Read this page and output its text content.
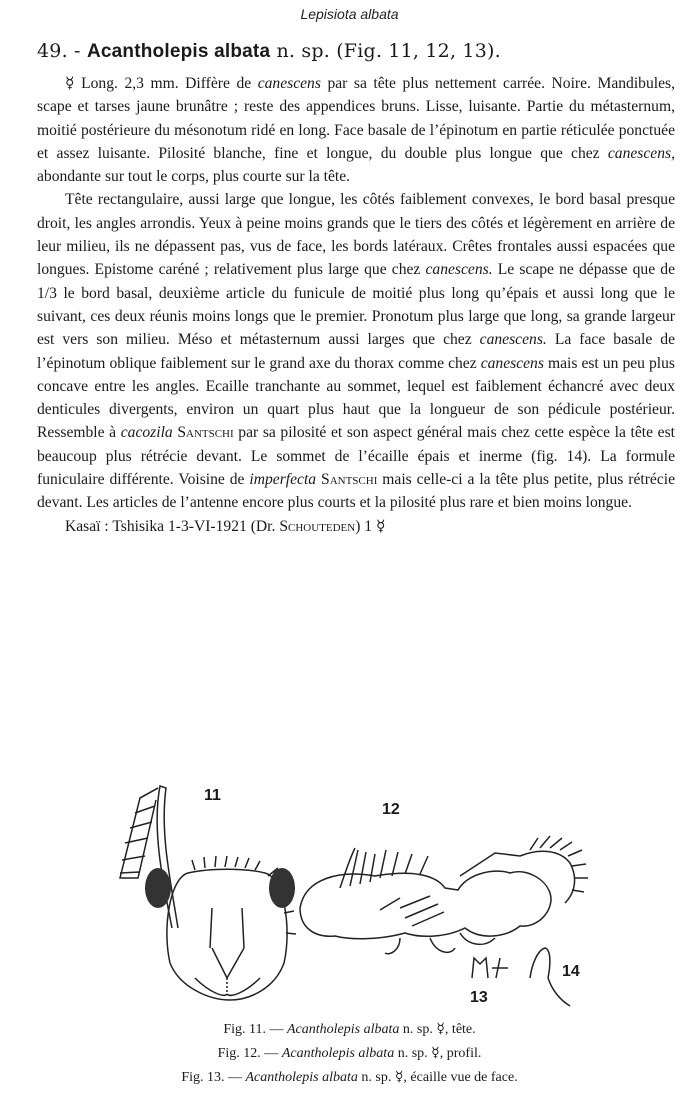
Lepisiota albata
49. - Acantholepis albata n. sp. (Fig. 11, 12, 13).

☿ Long. 2,3 mm. Diffère de canescens par sa tête plus nettement carrée. Noire. Mandibules, scape et tarses jaune brunâtre ; reste des appendices bruns. Lisse, luisante. Partie du métasternum, moitié postérieure du mésonotum ridé en long. Face basale de l’épinotum en partie réticulée ponctuée et assez luisante. Pilosité blanche, fine et longue, du double plus longue que chez canescens, abondante sur tout le corps, plus courte sur la tête.

Tête rectangulaire, aussi large que longue, les côtés faiblement convexes, le bord basal presque droit, les angles arrondis. Yeux à peine moins grands que le tiers des côtés et légèrement en arrière de leur milieu, ils ne dépassent pas, vus de face, les bords latéraux. Crêtes frontales aussi espacées que longues. Epistome caréné ; relativement plus large que chez canescens. Le scape ne dépasse que de 1/3 le bord basal, deuxième article du funicule de moitié plus long qu’épais et aussi long que le suivant, ces deux réunis moins longs que le premier. Pronotum plus large que long, sa grande largeur est vers son milieu. Méso et métasternum aussi larges que chez canescens. La face basale de l’épinotum oblique faiblement sur le grand axe du thorax comme chez canescens mais est un peu plus concave entre les angles. Ecaille tranchante au sommet, lequel est faiblement échancré avec deux denticules divergents, environ un quart plus haut que la longueur de son pédicule postérieur. Ressemble à cacozila Santschi par sa pilosité et son aspect général mais chez cette espèce la tête est beaucoup plus rétrécie devant. Le sommet de l’écaille épais et inerme (fig. 14). La formule funiculaire différente. Voisine de imperfecta Santschi mais celle-ci a la tête plus petite, plus rétrécie devant. Les articles de l’antenne encore plus courts et la pilosité plus rare et bien moins longue.

Kasaï : Tshisika 1-3-VI-1921 (Dr. Schouteden) 1 ☿

11
12
13
14
Fig. 11. — Acantholepis albata n. sp. ☿, tête.
Fig. 12. — Acantholepis albata n. sp. ☿, profil.
Fig. 13. — Acantholepis albata n. sp. ☿, écaille vue de face.
